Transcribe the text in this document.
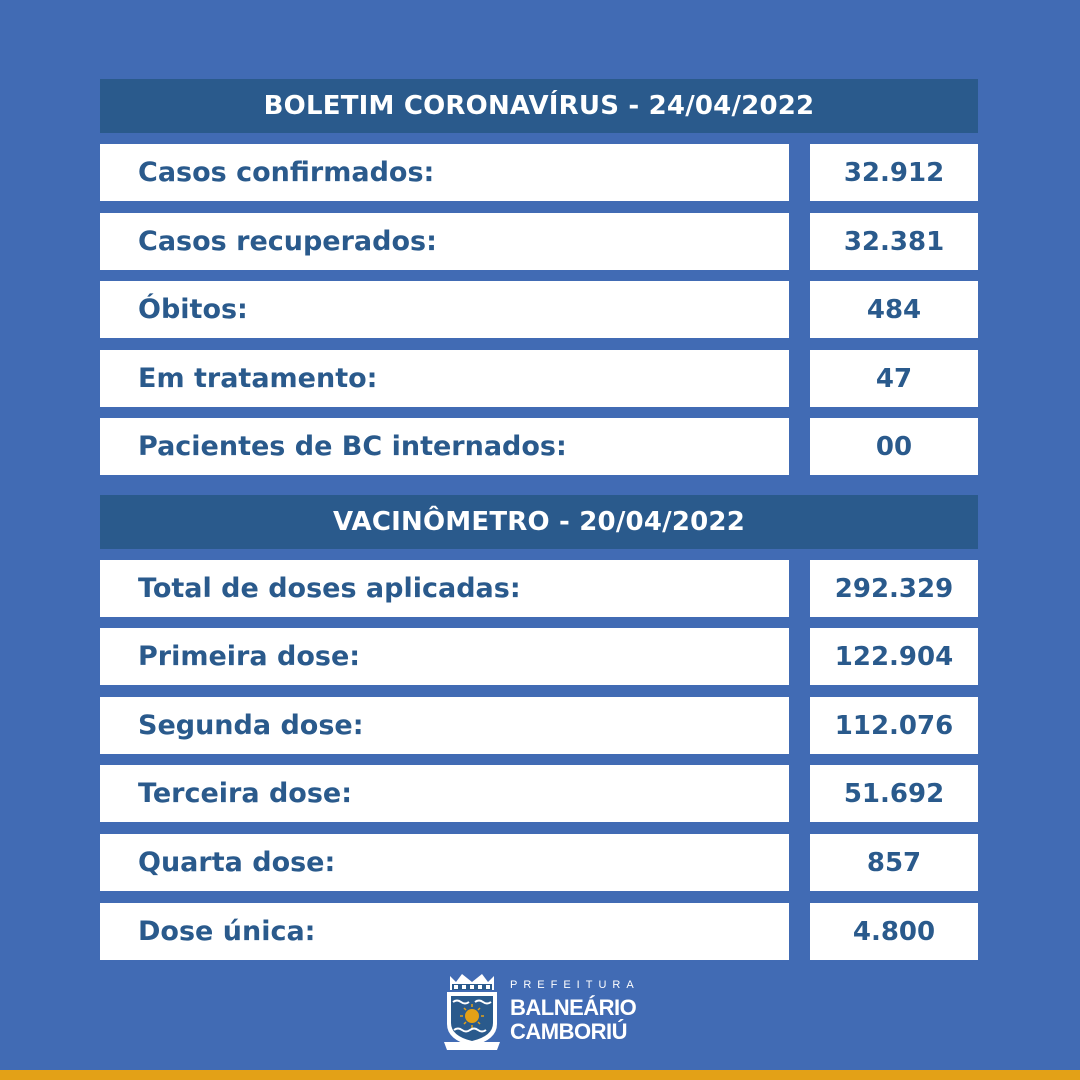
BOLETIM CORONAVÍRUS - 24/04/2022
Casos confirmados:	32.912
Casos recuperados:	32.381
Óbitos:	484
Em tratamento:	47
Pacientes de BC internados:	00
VACINÔMETRO - 20/04/2022
Total de doses aplicadas:	292.329
Primeira dose:	122.904
Segunda dose:	112.076
Terceira dose:	51.692
Quarta dose:	857
Dose única:	4.800
PREFEITURA
BALNEÁRIO
CAMBORIÚ
